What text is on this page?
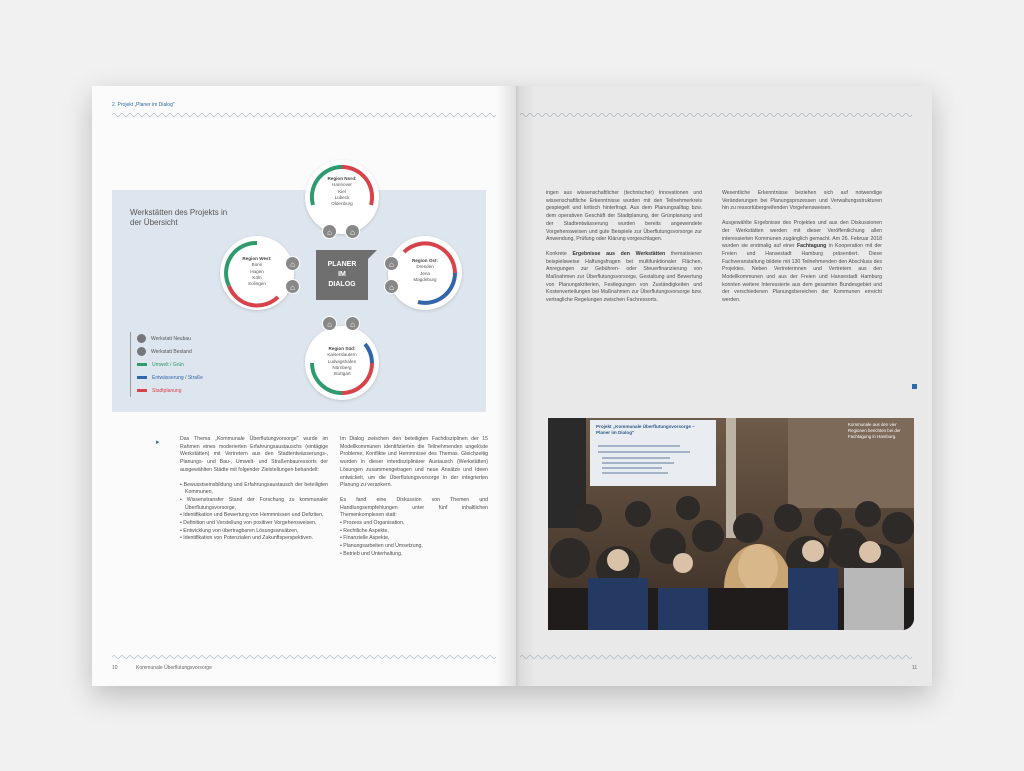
2. Projekt „Planer im Dialog"
Werkstätten des Projekts in der Übersicht
Werkstatt Neubau
Werkstatt Bestand
Umwelt / Grün
Entwässerung / Straße
Stadtplanung
PLANER
IM
DIALOG
Region Nord:
Hannover
Kiel
Lübeck
Oldenburg
⌂	⌂
Region West:
Bonn
Hagen
Köln
Solingen
⌂
⌂
Region Ost:
Dresden
Jena
Magdeburg
⌂
⌂
Region Süd:
Kaiserslautern
Ludwigshafen
Nürnberg
Stuttgart
⌂	⌂
▸	Das Thema „Kommunale Überflutungvorsorge" wurde im Rahmen eines moderierten Erfahrungsaustauschs (eintägige Werkstätten) mit Vertretern aus den Stadtentwässerungs-, Planungs- und Bau-, Umwelt- und Straßenbauressorts der ausgewählten Städte mit folgender Zielstellungen behandelt:

• Bewusstseinsbildung und Erfahrungsaustausch der beteiligten Kommunen,
• Wissenstransfer Stand der Forschung zu kommunaler Überflutungsvorsorge,
• Identifikation und Bewertung von Hemmnissen und Defiziten,
• Definition und Verstellung von positiver Vorgehensweisen,
• Entwicklung von übertragbaren Lösungsansätzen,
• Identifikation von Potenzialen und Zukunftsperspektiven.

Im Dialog zwischen den beteiligten Fachdisziplinen der 15 Modellkommunen identifizierten die Teilnehmenden ungelöste Probleme, Konflikte und Hemmnisse des Themas. Gleichzeitig wurden in dieser interdisziplinärer Austausch (Werkstätten) Lösungen zusammengetragen und neue Ansätze und Ideen entwickelt, um die Überflutungsvorsorge in der integrierten Planung zu verankern.

Es fand eine Diskussion von Themen und Handlungsempfehlungen unter fünf inhaltlichen Themenkomplexen statt:

• Prozess und Organisation,
• Rechtliche Aspekte,
• Finanzielle Aspekte,
• Planungsarbeiten und Umsetzung,
• Betrieb und Unterhaltung.
10	Kommunale Überflutungsvorsorge

ingen aus wissenschaftlicher (technischer) Innovationen und wissenschaftliche Erkenntnisse wurden mit den Teilnehmerkreis gespiegelt und kritisch hinterfragt. Aus dem Planungsalltag bzw. dem operativen Geschäft der Stadtplanung, der Grünplanung und der Stadtentwässerung wurden bereits angewendete Vorgehensweisen und gute Beispiele zur Überflutungsvorsorge zur Anwendung, Prüfung oder Klärung vorgeschlagen.

Konkrete Ergebnisse aus den Werkstätten thematisieren beispielsweise Haftungsfragen bei multifunktionaler Flächen, Anregungen zur Gebühren- oder Steuerfinanzierung von Maßnahmen zur Überflutungsvorsorge, Gestaltung und Bewertung von Planungskriterien, Festlegungen von Zuständigkeiten und Kostenverteilungen bei Maßnahmen zur Überflutungsvorsorge bzw. vertragliche Regelungen zwischen Fachressorts.

Wesentliche Erkenntnisse beziehen sich auf notwendige Veränderungen bei Planungsprozessen und Verwaltungsstrukturen hin zu ressortübergreifenden Vorgehensweisen.

Ausgewählte Ergebnisse des Projektes und aus den Diskussionen der Werkstätten werden mit dieser Veröffentlichung allen interessierten Kommunen zugänglich gemacht. Am 26. Februar 2018 wurden sie erstmalig auf einer Fachtagung in Kooperation mit der Freien und Hansestadt Hamburg präsentiert. Diese Fachveranstaltung bildete mit 130 Teilnehmenden den Abschluss des Projektes. Neben Vertreterinnen und Vertretern aus den Modellkommunen und aus der Freien und Hansestadt Hamburg konnten weitere Interessierte aus dem gesamten Bundesgebiet und der verschiedenen Planungsbereichen der Kommunen erreicht werden.

Projekt „Kommunale Überflutungsvorsorge – Planer im Dialog"
Kommunale aus den vier Regionen berichten bei der Fachtagung in Hamburg.
11
